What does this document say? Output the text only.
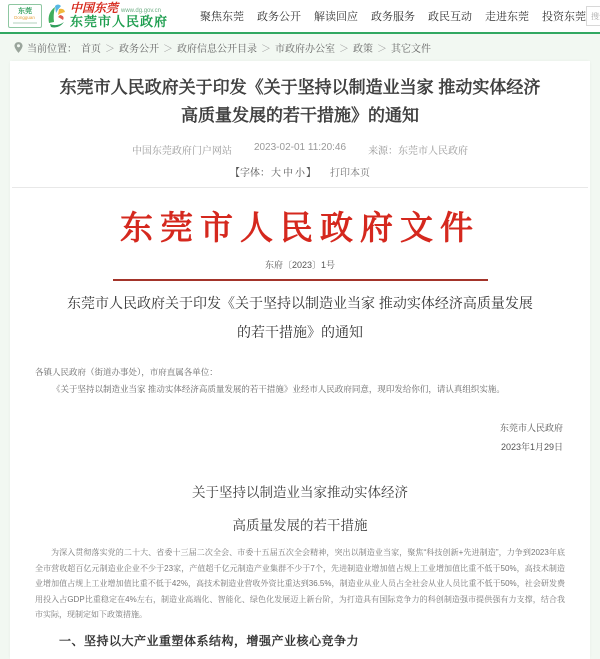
东莞
Dongguan
中国东莞 www.dg.gov.cn
东莞市人民政府	聚焦东莞 政务公开 解读回应 政务服务 政民互动 走进东莞 投资东莞
搜索东莞信息或服务
当前位置： 首页 ＞ 政务公开 ＞ 政府信息公开目录 ＞ 市政府办公室 ＞ 政策 ＞ 其它文件
东莞市人民政府关于印发《关于坚持以制造业当家 推动实体经济高质量发展的若干措施》的通知
中国东莞政府门户网站 2023-02-01 11:20:46 来源：东莞市人民政府
【字体：大 中 小】 打印本页
东莞市人民政府文件
东府〔2023〕1号
东莞市人民政府关于印发《关于坚持以制造业当家 推动实体经济高质量发展的若干措施》的通知

各镇人民政府（街道办事处），市府直属各单位：

《关于坚持以制造业当家 推动实体经济高质量发展的若干措施》业经市人民政府同意，现印发给你们，请认真组织实施。

东莞市人民政府
2023年1月29日
关于坚持以制造业当家推动实体经济
高质量发展的若干措施

为深入贯彻落实党的二十大、省委十三届二次全会、市委十五届五次全会精神，突出以制造业当家，聚焦“科技创新+先进制造”，力争到2023年底全市营收超百亿元制造业企业不少于23家，产值超千亿元制造产业集群不少于7个，先进制造业增加值占规上工业增加值比重不低于50%，高技术制造业增加值占规上工业增加值比重不低于42%，高技术制造业营收外资比重达到36.5%，制造业从业人员占全社会从业人员比重不低于50%，社会研发费用投入占GDP比重稳定在4%左右，制造业高端化、智能化、绿色化发展迈上新台阶，为打造具有国际竞争力的科创制造强市提供强有力支撑，结合我市实际，现制定如下政策措施。

一、坚持以大产业重塑体系结构，增强产业核心竞争力
